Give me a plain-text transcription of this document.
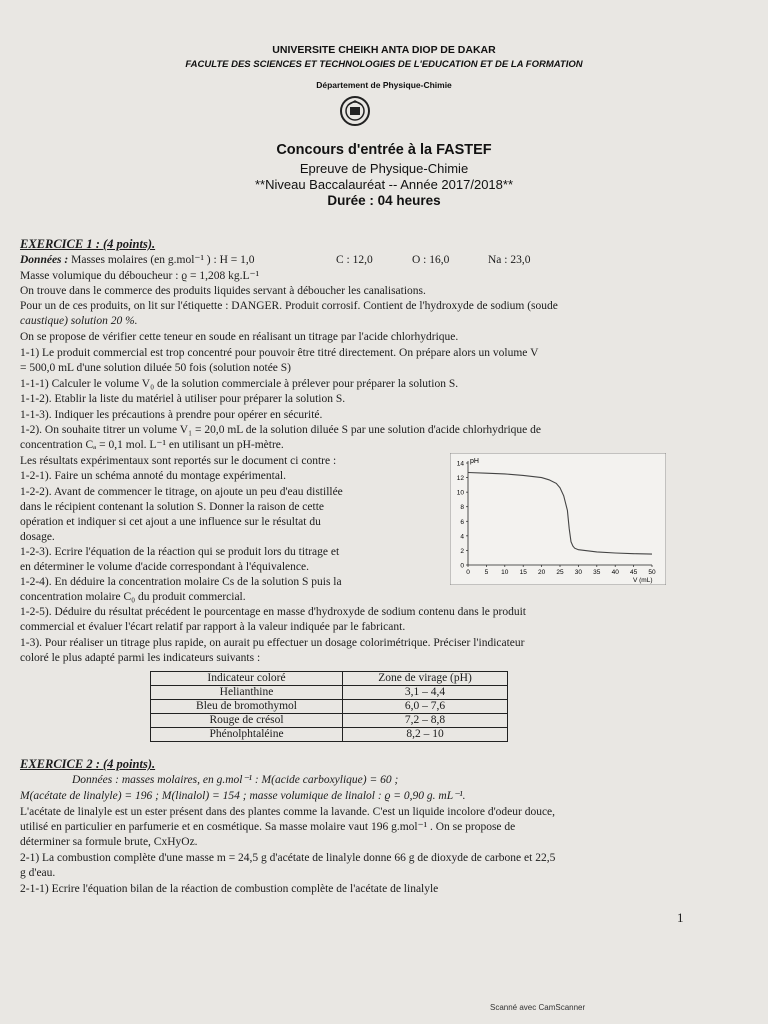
UNIVERSITE CHEIKH ANTA DIOP DE DAKAR
FACULTE DES SCIENCES ET TECHNOLOGIES DE L'EDUCATION ET DE LA FORMATION
Département de Physique-Chimie
Concours d'entrée à la FASTEF
Epreuve de Physique-Chimie
**Niveau Baccalauréat -- Année 2017/2018**
Durée : 04 heures
EXERCICE 1 : (4 points).
Données : Masses molaires (en g.mol⁻¹ ) : H = 1,0	C : 12,0	O : 16,0	Na : 23,0
Masse volumique du déboucheur : ϱ = 1,208 kg.L⁻¹
On trouve dans le commerce des produits liquides servant à déboucher les canalisations.
Pour un de ces produits, on lit sur l'étiquette : DANGER. Produit corrosif. Contient de l'hydroxyde de sodium (soude
caustique) solution 20 %.
On se propose de vérifier cette teneur en soude en réalisant un titrage par l'acide chlorhydrique.
1-1) Le produit commercial est trop concentré pour pouvoir être titré directement. On prépare alors un volume V
= 500,0 mL d'une solution diluée 50 fois (solution notée S)
1-1-1) Calculer le volume V₀ de la solution commerciale à prélever pour préparer la solution S.
1-1-2). Etablir la liste du matériel à utiliser pour préparer la solution S.
1-1-3). Indiquer les précautions à prendre pour opérer en sécurité.
1-2). On souhaite titrer un volume V₁ = 20,0 mL de la solution diluée S par une solution d'acide chlorhydrique de
concentration Cₐ = 0,1 mol. L⁻¹ en utilisant un pH-mètre.
Les résultats expérimentaux sont reportés sur le document ci contre :
1-2-1). Faire un schéma annoté du montage expérimental.
1-2-2). Avant de commencer le titrage, on ajoute un peu d'eau distillée
dans le récipient contenant la solution S. Donner la raison de cette
opération et indiquer si cet ajout a une influence sur le résultat du
dosage.
1-2-3). Ecrire l'équation de la réaction qui se produit lors du titrage et
en déterminer le volume d'acide correspondant à l'équivalence.
1-2-4). En déduire la concentration molaire Cs de la solution S puis la
concentration molaire C₀ du produit commercial.
1-2-5). Déduire du résultat précédent le pourcentage en masse d'hydroxyde de sodium contenu dans le produit
commercial et évaluer l'écart relatif par rapport à la valeur indiquée par le fabricant.
1-3). Pour réaliser un titrage plus rapide, on aurait pu effectuer un dosage colorimétrique. Préciser l'indicateur
coloré le plus adapté parmi les indicateurs suivants :
pH
V (mL)
0
2
4
6
8
10
12
14
0 5 10 15 20 25 30 35 40 45 50
Indicateur coloré	Zone de virage (pH)
Helianthine	3,1 – 4,4
Bleu de bromothymol	6,0 – 7,6
Rouge de crésol	7,2 – 8,8
Phénolphtaléine	8,2 – 10
EXERCICE 2 : (4 points).
Données : masses molaires, en g.mol⁻¹ : M(acide carboxylique) = 60 ;
M(acétate de linalyle) = 196 ; M(linalol) = 154 ; masse volumique de linalol : ϱ = 0,90 g. mL⁻¹.
L'acétate de linalyle est un ester présent dans des plantes comme la lavande. C'est un liquide incolore d'odeur douce,
utilisé en particulier en parfumerie et en cosmétique. Sa masse molaire vaut 196 g.mol⁻¹ . On se propose de
déterminer sa formule brute, CxHyOz.
2-1) La combustion complète d'une masse m = 24,5 g d'acétate de linalyle donne 66 g de dioxyde de carbone et 22,5
g d'eau.
2-1-1) Ecrire l'équation bilan de la réaction de combustion complète de l'acétate de linalyle
1
Scanné avec CamScanner
